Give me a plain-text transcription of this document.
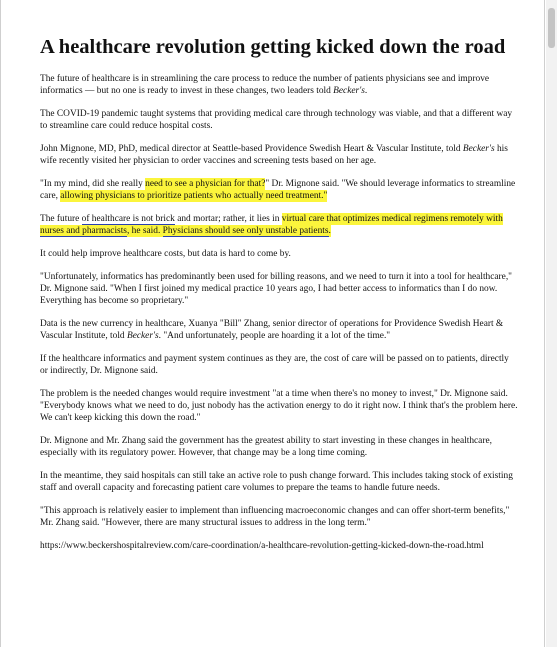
A healthcare revolution getting kicked down the road

The future of healthcare is in streamlining the care process to reduce the number of patients physicians see and improve informatics — but no one is ready to invest in these changes, two leaders told Becker's.

The COVID-19 pandemic taught systems that providing medical care through technology was viable, and that a different way to streamline care could reduce hospital costs.

John Mignone, MD, PhD, medical director at Seattle-based Providence Swedish Heart & Vascular Institute, told Becker's his wife recently visited her physician to order vaccines and screening tests based on her age.

"In my mind, did she really need to see a physician for that?" Dr. Mignone said. "We should leverage informatics to streamline care, allowing physicians to prioritize patients who actually need treatment."

The future of healthcare is not brick and mortar; rather, it lies in virtual care that optimizes medical regimens remotely with nurses and pharmacists, he said. Physicians should see only unstable patients.

It could help improve healthcare costs, but data is hard to come by.

"Unfortunately, informatics has predominantly been used for billing reasons, and we need to turn it into a tool for healthcare," Dr. Mignone said. "When I first joined my medical practice 10 years ago, I had better access to informatics than I do now. Everything has become so proprietary."

Data is the new currency in healthcare, Xuanya "Bill" Zhang, senior director of operations for Providence Swedish Heart & Vascular Institute, told Becker's. "And unfortunately, people are hoarding it a lot of the time."

If the healthcare informatics and payment system continues as they are, the cost of care will be passed on to patients, directly or indirectly, Dr. Mignone said.

The problem is the needed changes would require investment "at a time when there's no money to invest," Dr. Mignone said. "Everybody knows what we need to do, just nobody has the activation energy to do it right now. I think that's the problem here. We can't keep kicking this down the road."

Dr. Mignone and Mr. Zhang said the government has the greatest ability to start investing in these changes in healthcare, especially with its regulatory power. However, that change may be a long time coming.

In the meantime, they said hospitals can still take an active role to push change forward. This includes taking stock of existing staff and overall capacity and forecasting patient care volumes to prepare the teams to handle future needs.

"This approach is relatively easier to implement than influencing macroeconomic changes and can offer short-term benefits," Mr. Zhang said. "However, there are many structural issues to address in the long term."

https://www.beckershospitalreview.com/care-coordination/a-healthcare-revolution-getting-kicked-down-the-road.html
